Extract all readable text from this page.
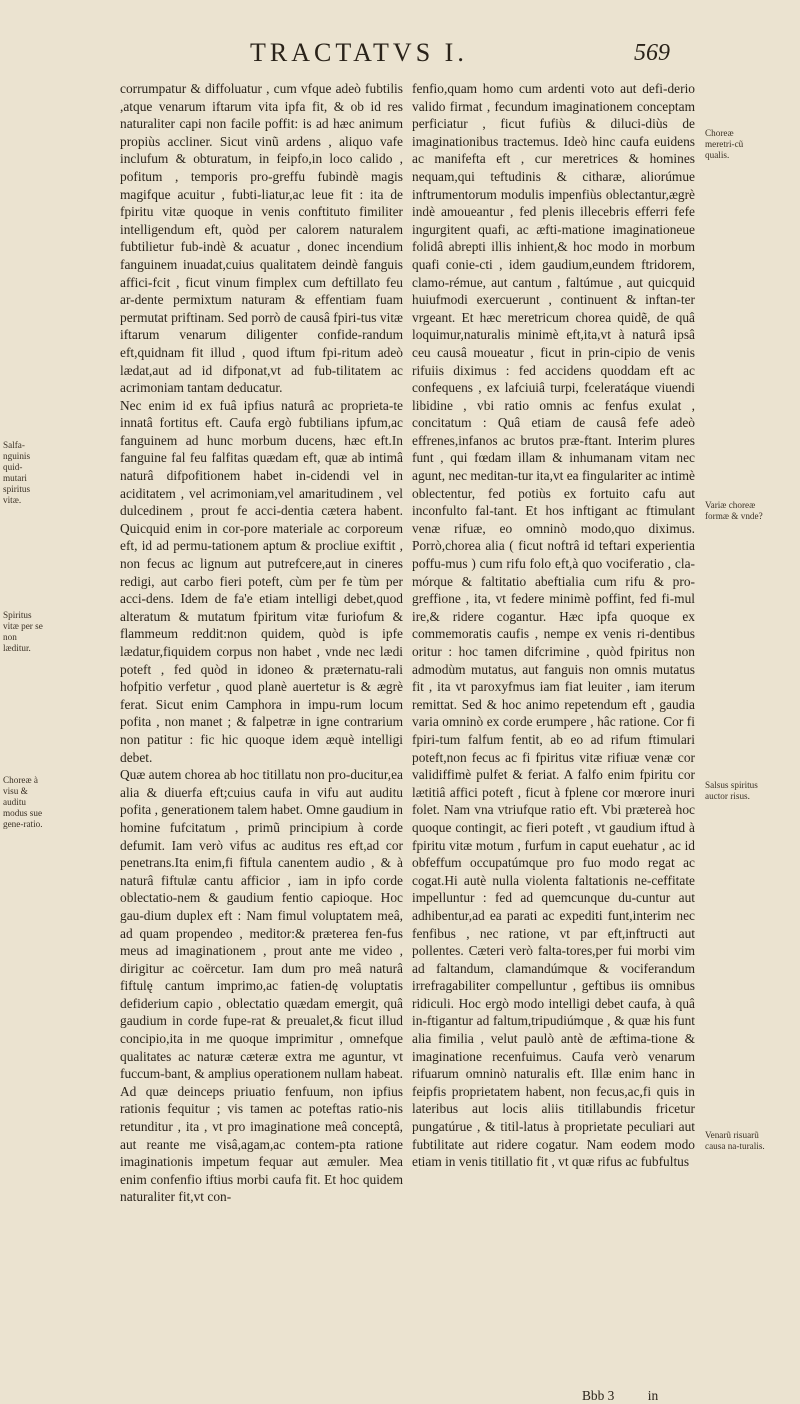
TRACTATVS I.	569
Salfa-nguinis quid-mutari spiritus vitæ.
Spiritus vitæ per se non læditur.
Choreæ à visu & auditu modus sue gene-ratio.
Choreæ meretri-cũ qualis.
Variæ choreæ formæ & vnde?
Salsus spiritus auctor risus.
Venarũ risuarũ causa na-turalis.

corrumpatur & diffoluatur , cum vfque adeò fubtilis ,atque venarum iftarum vita ipfa fit, & ob id res naturaliter capi non facile poffit: is ad hæc animum propiùs accliner. Sicut vinũ ardens , aliquo vafe inclufum & obturatum, in feipfo,in loco calido , pofitum , temporis pro-greffu fubindè magis magifque acuitur , fubti-liatur,ac leue fit : ita de fpiritu vitæ quoque in venis conftituto fimiliter intelligendum eft, quòd per calorem naturalem fubtilietur fub-indè & acuatur , donec incendium fanguinem inuadat,cuius qualitatem deindè fanguis affici-fcit , ficut vinum fimplex cum deftillato feu ar-dente permixtum naturam & effentiam fuam permutat priftinam. Sed porrò de causâ fpiri-tus vitæ iftarum venarum diligenter confide-randum eft,quidnam fit illud , quod iftum fpi-ritum adeò lædat,aut ad id difponat,vt ad fub-tilitatem ac acrimoniam tantam deducatur.

Nec enim id ex fuâ ipfius naturâ ac proprieta-te innatâ fortitus eft. Caufa ergò fubtilians ipfum,ac fanguinem ad hunc morbum ducens, hæc eft.In fanguine fal feu falfitas quædam eft, quæ ab intimâ naturâ difpofitionem habet in-cidendi vel in aciditatem , vel acrimoniam,vel amaritudinem , vel dulcedinem , prout fe acci-dentia cætera habent. Quicquid enim in cor-pore materiale ac corporeum eft, id ad permu-tationem aptum & procliue exiftit , non fecus ac lignum aut putrefcere,aut in cineres redigi, aut carbo fieri poteft, cùm per fe tùm per acci-dens. Idem de fa'e etiam intelligi debet,quod alteratum & mutatum fpiritum vitæ furiofum & flammeum reddit:non quidem, quòd is ipfe lædatur,fiquidem corpus non habet , vnde nec lædi poteft , fed quòd in idoneo & præternatu-rali hofpitio verfetur , quod planè auertetur is & ægrè ferat. Sicut enim Camphora in impu-rum locum pofita , non manet ; & falpetræ in igne contrarium non patitur : fic hic quoque idem æquè intelligi debet.

Quæ autem chorea ab hoc titillatu non pro-ducitur,ea alia & diuerfa eft;cuius caufa in vifu aut auditu pofita , generationem talem habet. Omne gaudium in homine fufcitatum , primũ principium à corde defumit. Iam verò vifus ac auditus res eft,ad cor penetrans.Ita enim,fi fiftula canentem audio , & à naturâ fiftulæ cantu afficior , iam in ipfo corde oblectatio-nem & gaudium fentio capioque. Hoc gau-dium duplex eft : Nam fimul voluptatem meâ, ad quam propendeo , meditor:& præterea fen-fus meus ad imaginationem , prout ante me video , dirigitur ac coërcetur. Iam dum pro meâ naturâ fiftulę cantum imprimo,ac fatien-dę voluptatis defiderium capio , oblectatio quædam emergit, quâ gaudium in corde fupe-rat & preualet,& ficut illud concipio,ita in me quoque imprimitur , omnefque qualitates ac naturæ cæteræ extra me aguntur, vt fuccum-bant, & amplius operationem nullam habeat. Ad quæ deinceps priuatio fenfuum, non ipfius rationis fequitur ; vis tamen ac poteftas ratio-nis retunditur , ita , vt pro imaginatione meâ conceptâ, aut reante me visâ,agam,ac contem-pta ratione imaginationis impetum fequar aut æmuler. Mea enim confenfio iftius morbi caufa fit. Et hoc quidem naturaliter fit,vt con-

fenfio,quam homo cum ardenti voto aut defi-derio valido firmat , fecundum imaginationem conceptam perficiatur , ficut fufiùs & diluci-diùs de imaginationibus tractemus. Ideò hinc caufa euidens ac manifefta eft , cur meretrices & homines nequam,qui teftudinis & citharæ, aliorúmue inftrumentorum modulis impenfiùs oblectantur,ægrè indè amoueantur , fed plenis illecebris efferri fefe ingurgitent quafi, ac æfti-matione imaginationeue folidâ abrepti illis inhient,& hoc modo in morbum quafi conie-cti , idem gaudium,eundem ftridorem, clamo-rémue, aut cantum , faltúmue , aut quicquid huiufmodi exercuerunt , continuent & inftan-ter vrgeant. Et hæc meretricum chorea quidẽ, de quâ loquimur,naturalis minimè eft,ita,vt à naturâ ipsâ ceu causâ moueatur , ficut in prin-cipio de venis rifuiis diximus : fed accidens quoddam eft ac confequens , ex lafciuiâ turpi, fceleratáque viuendi libidine , vbi ratio omnis ac fenfus exulat , concitatum : Quâ etiam de causâ fefe adeò effrenes,infanos ac brutos præ-ftant. Interim plures funt , qui fœdam illam & inhumanam vitam nec agunt, nec meditan-tur ita,vt ea fingulariter ac intimè oblectentur, fed potiùs ex fortuito cafu aut inconfulto fal-tant. Et hos inftigant ac ftimulant venæ rifuæ, eo omninò modo,quo diximus. Porrò,chorea alia ( ficut noftrâ id teftari experientia poffu-mus ) cum rifu folo eft,à quo vociferatio , cla-mórque & faltitatio abeftialia cum rifu & pro-greffione , ita, vt federe minimè poffint, fed fi-mul ire,& ridere cogantur. Hæc ipfa quoque ex commemoratis caufis , nempe ex venis ri-dentibus oritur : hoc tamen difcrimine , quòd fpiritus non admodùm mutatus, aut fanguis non omnis mutatus fit , ita vt paroxyfmus iam fiat leuiter , iam iterum remittat. Sed & hoc animo repetendum eft , gaudia varia omninò ex corde erumpere , hâc ratione. Cor fi fpiri-tum falfum fentit, ab eo ad rifum ftimulari poteft,non fecus ac fi fpiritus vitæ rifiuæ venæ cor validiffimè pulfet & feriat. A falfo enim fpiritu cor lætitiâ affici poteft , ficut à fplene cor mœrore inuri folet. Nam vna vtriufque ratio eft. Vbi prætereà hoc quoque contingit, ac fieri poteft , vt gaudium iftud à fpiritu vitæ motum , furfum in caput euehatur , ac id obfeffum occupatúmque pro fuo modo regat ac cogat.Hi autè nulla violenta faltationis ne-ceffitate impelluntur : fed ad quemcunque du-cuntur aut adhibentur,ad ea parati ac expediti funt,interim nec fenfibus , nec ratione, vt par eft,inftructi aut pollentes. Cæteri verò falta-tores,per fui morbi vim ad faltandum, clamandúmque & vociferandum irrefragabiliter compelluntur , geftibus iis omnibus ridiculi. Hoc ergò modo intelligi debet caufa, à quâ in-ftigantur ad faltum,tripudiúmque , & quæ his funt alia fimilia , velut paulò antè de æftima-tione & imaginatione recenfuimus. Caufa verò venarum rifuarum omninò naturalis eft. Illæ enim hanc in feipfis proprietatem habent, non fecus,ac,fi quis in lateribus aut locis aliis titillabundis fricetur pungatúrue , & titil-latus à proprietate peculiari aut fubtilitate aut ridere cogatur. Nam eodem modo etiam in venis titillatio fit , vt quæ rifus ac fubfultus

Bbb 3 in
